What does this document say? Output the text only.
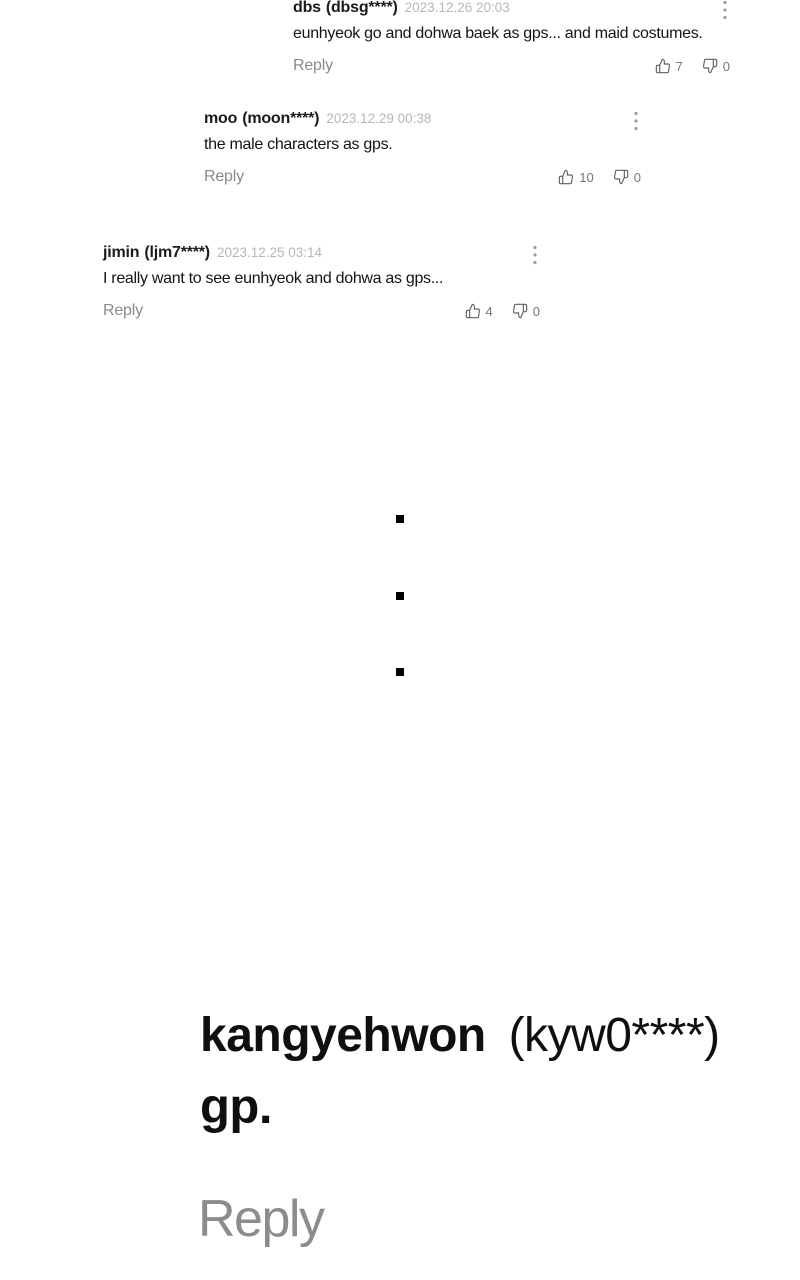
dbs (dbsg****) 2023.12.26 20:03

eunhyeok go and dohwa baek as gps... and maid costumes.

Reply	7	0
moo (moon****) 2023.12.29 00:38

the male characters as gps.

Reply	10	0
jimin (ljm7****) 2023.12.25 03:14

I really want to see eunhyeok and dohwa as gps...

Reply	4	0
kangyehwon (kyw0****)

gp.

Reply
